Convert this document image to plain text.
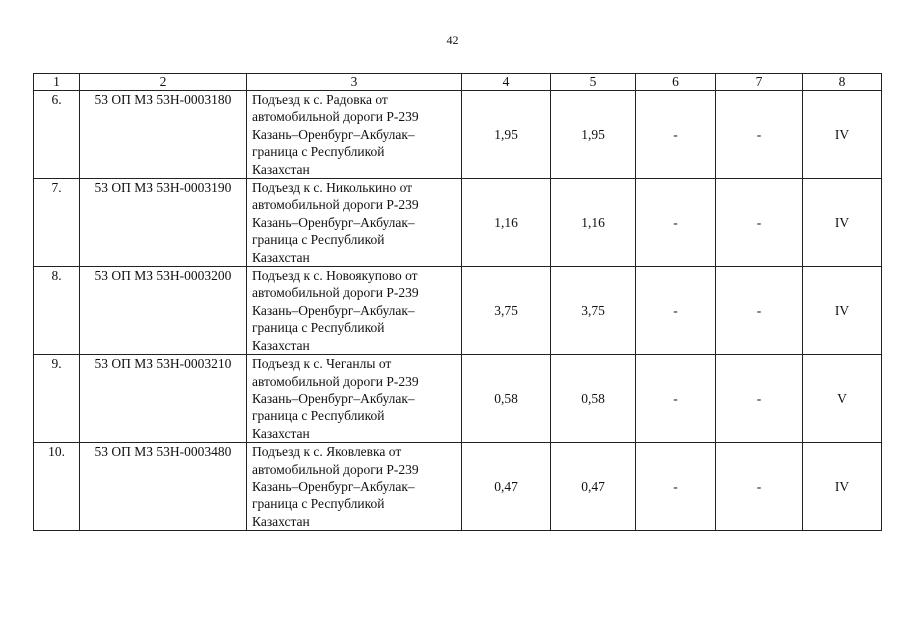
42
1	2	3	4	5	6	7	8
6.	53 ОП МЗ 53Н-0003180	Подъезд к с. Радовка от
автомобильной дороги Р-239
Казань–Оренбург–Акбулак–
граница с Республикой
Казахстан	1,95	1,95	-	-	IV
7.	53 ОП МЗ 53Н-0003190	Подъезд к с. Николькино от
автомобильной дороги Р-239
Казань–Оренбург–Акбулак–
граница с Республикой
Казахстан	1,16	1,16	-	-	IV
8.	53 ОП МЗ 53Н-0003200	Подъезд к с. Новоякупово от
автомобильной дороги Р-239
Казань–Оренбург–Акбулак–
граница с Республикой
Казахстан	3,75	3,75	-	-	IV
9.	53 ОП МЗ 53Н-0003210	Подъезд к с. Чеганлы от
автомобильной дороги Р-239
Казань–Оренбург–Акбулак–
граница с Республикой
Казахстан	0,58	0,58	-	-	V
10.	53 ОП МЗ 53Н-0003480	Подъезд к с. Яковлевка от
автомобильной дороги Р-239
Казань–Оренбург–Акбулак–
граница с Республикой
Казахстан	0,47	0,47	-	-	IV
